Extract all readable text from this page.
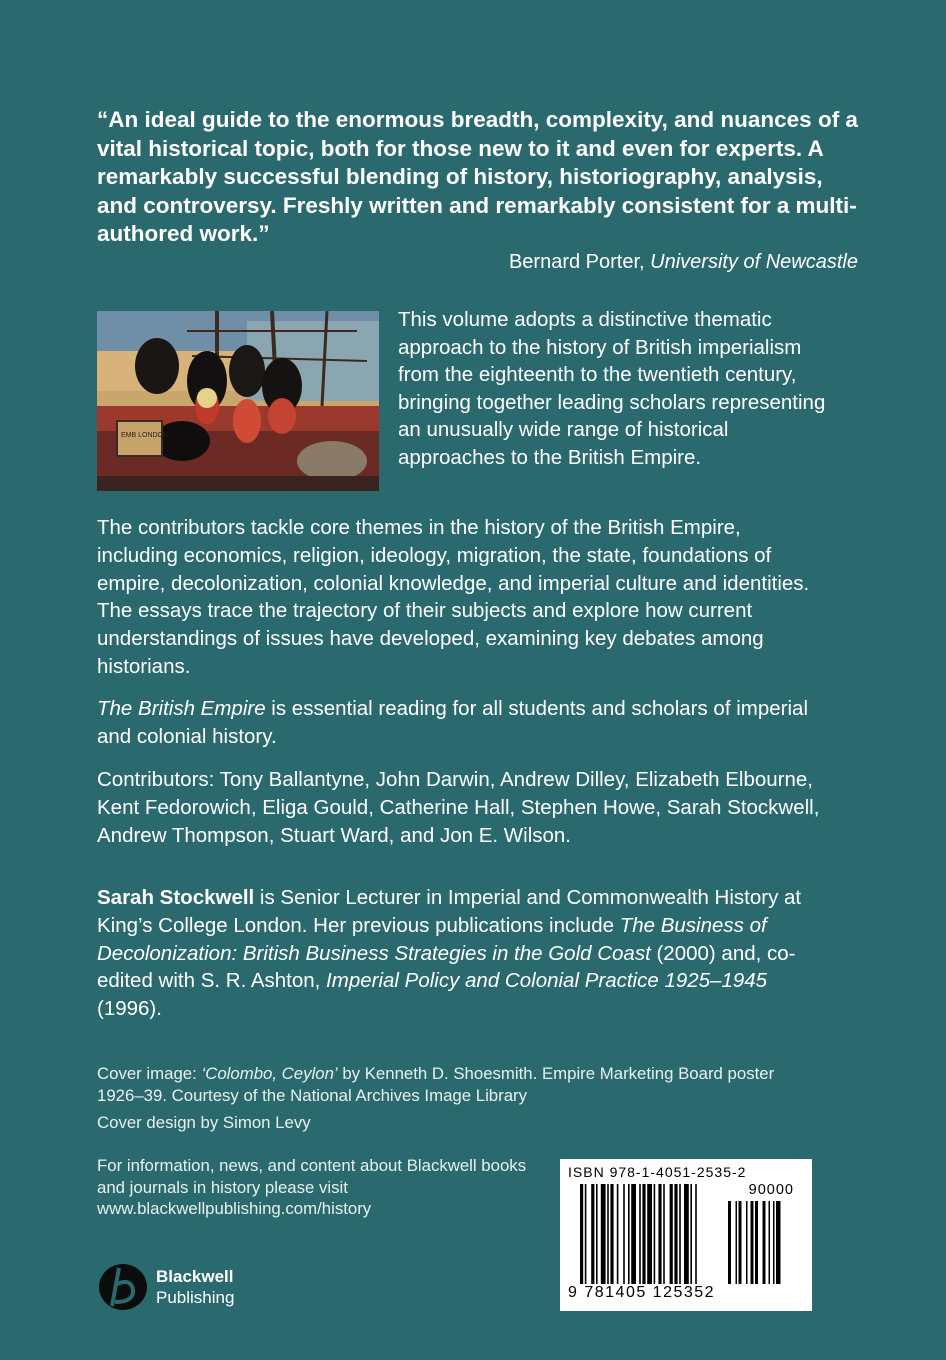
“An ideal guide to the enormous breadth, complexity, and nuances of a vital historical topic, both for those new to it and even for experts. A remarkably successful blending of history, historiography, analysis, and controversy. Freshly written and remarkably consistent for a multi-authored work.”
Bernard Porter, University of Newcastle
EMB LONDON
This volume adopts a distinctive thematic approach to the history of British imperialism from the eighteenth to the twentieth century, bringing together leading scholars representing an unusually wide range of historical approaches to the British Empire.

The contributors tackle core themes in the history of the British Empire, including economics, religion, ideology, migration, the state, foundations of empire, decolonization, colonial knowledge, and imperial culture and identities. The essays trace the trajectory of their subjects and explore how current understandings of issues have developed, examining key debates among historians.

The British Empire is essential reading for all students and scholars of imperial and colonial history.

Contributors: Tony Ballantyne, John Darwin, Andrew Dilley, Elizabeth Elbourne, Kent Fedorowich, Eliga Gould, Catherine Hall, Stephen Howe, Sarah Stockwell, Andrew Thompson, Stuart Ward, and Jon E. Wilson.

Sarah Stockwell is Senior Lecturer in Imperial and Commonwealth History at King’s College London. Her previous publications include The Business of Decolonization: British Business Strategies in the Gold Coast (2000) and, co-edited with S. R. Ashton, Imperial Policy and Colonial Practice 1925–1945 (1996).

Cover image: ‘Colombo, Ceylon’ by Kenneth D. Shoesmith. Empire Marketing Board poster 1926–39. Courtesy of the National Archives Image Library
Cover design by Simon Levy
For information, news, and content about Blackwell books and journals in history please visit www.blackwellpublishing.com/history
Blackwell
Publishing
ISBN 978-1-4051-2535-2
90000
9 781405 125352
